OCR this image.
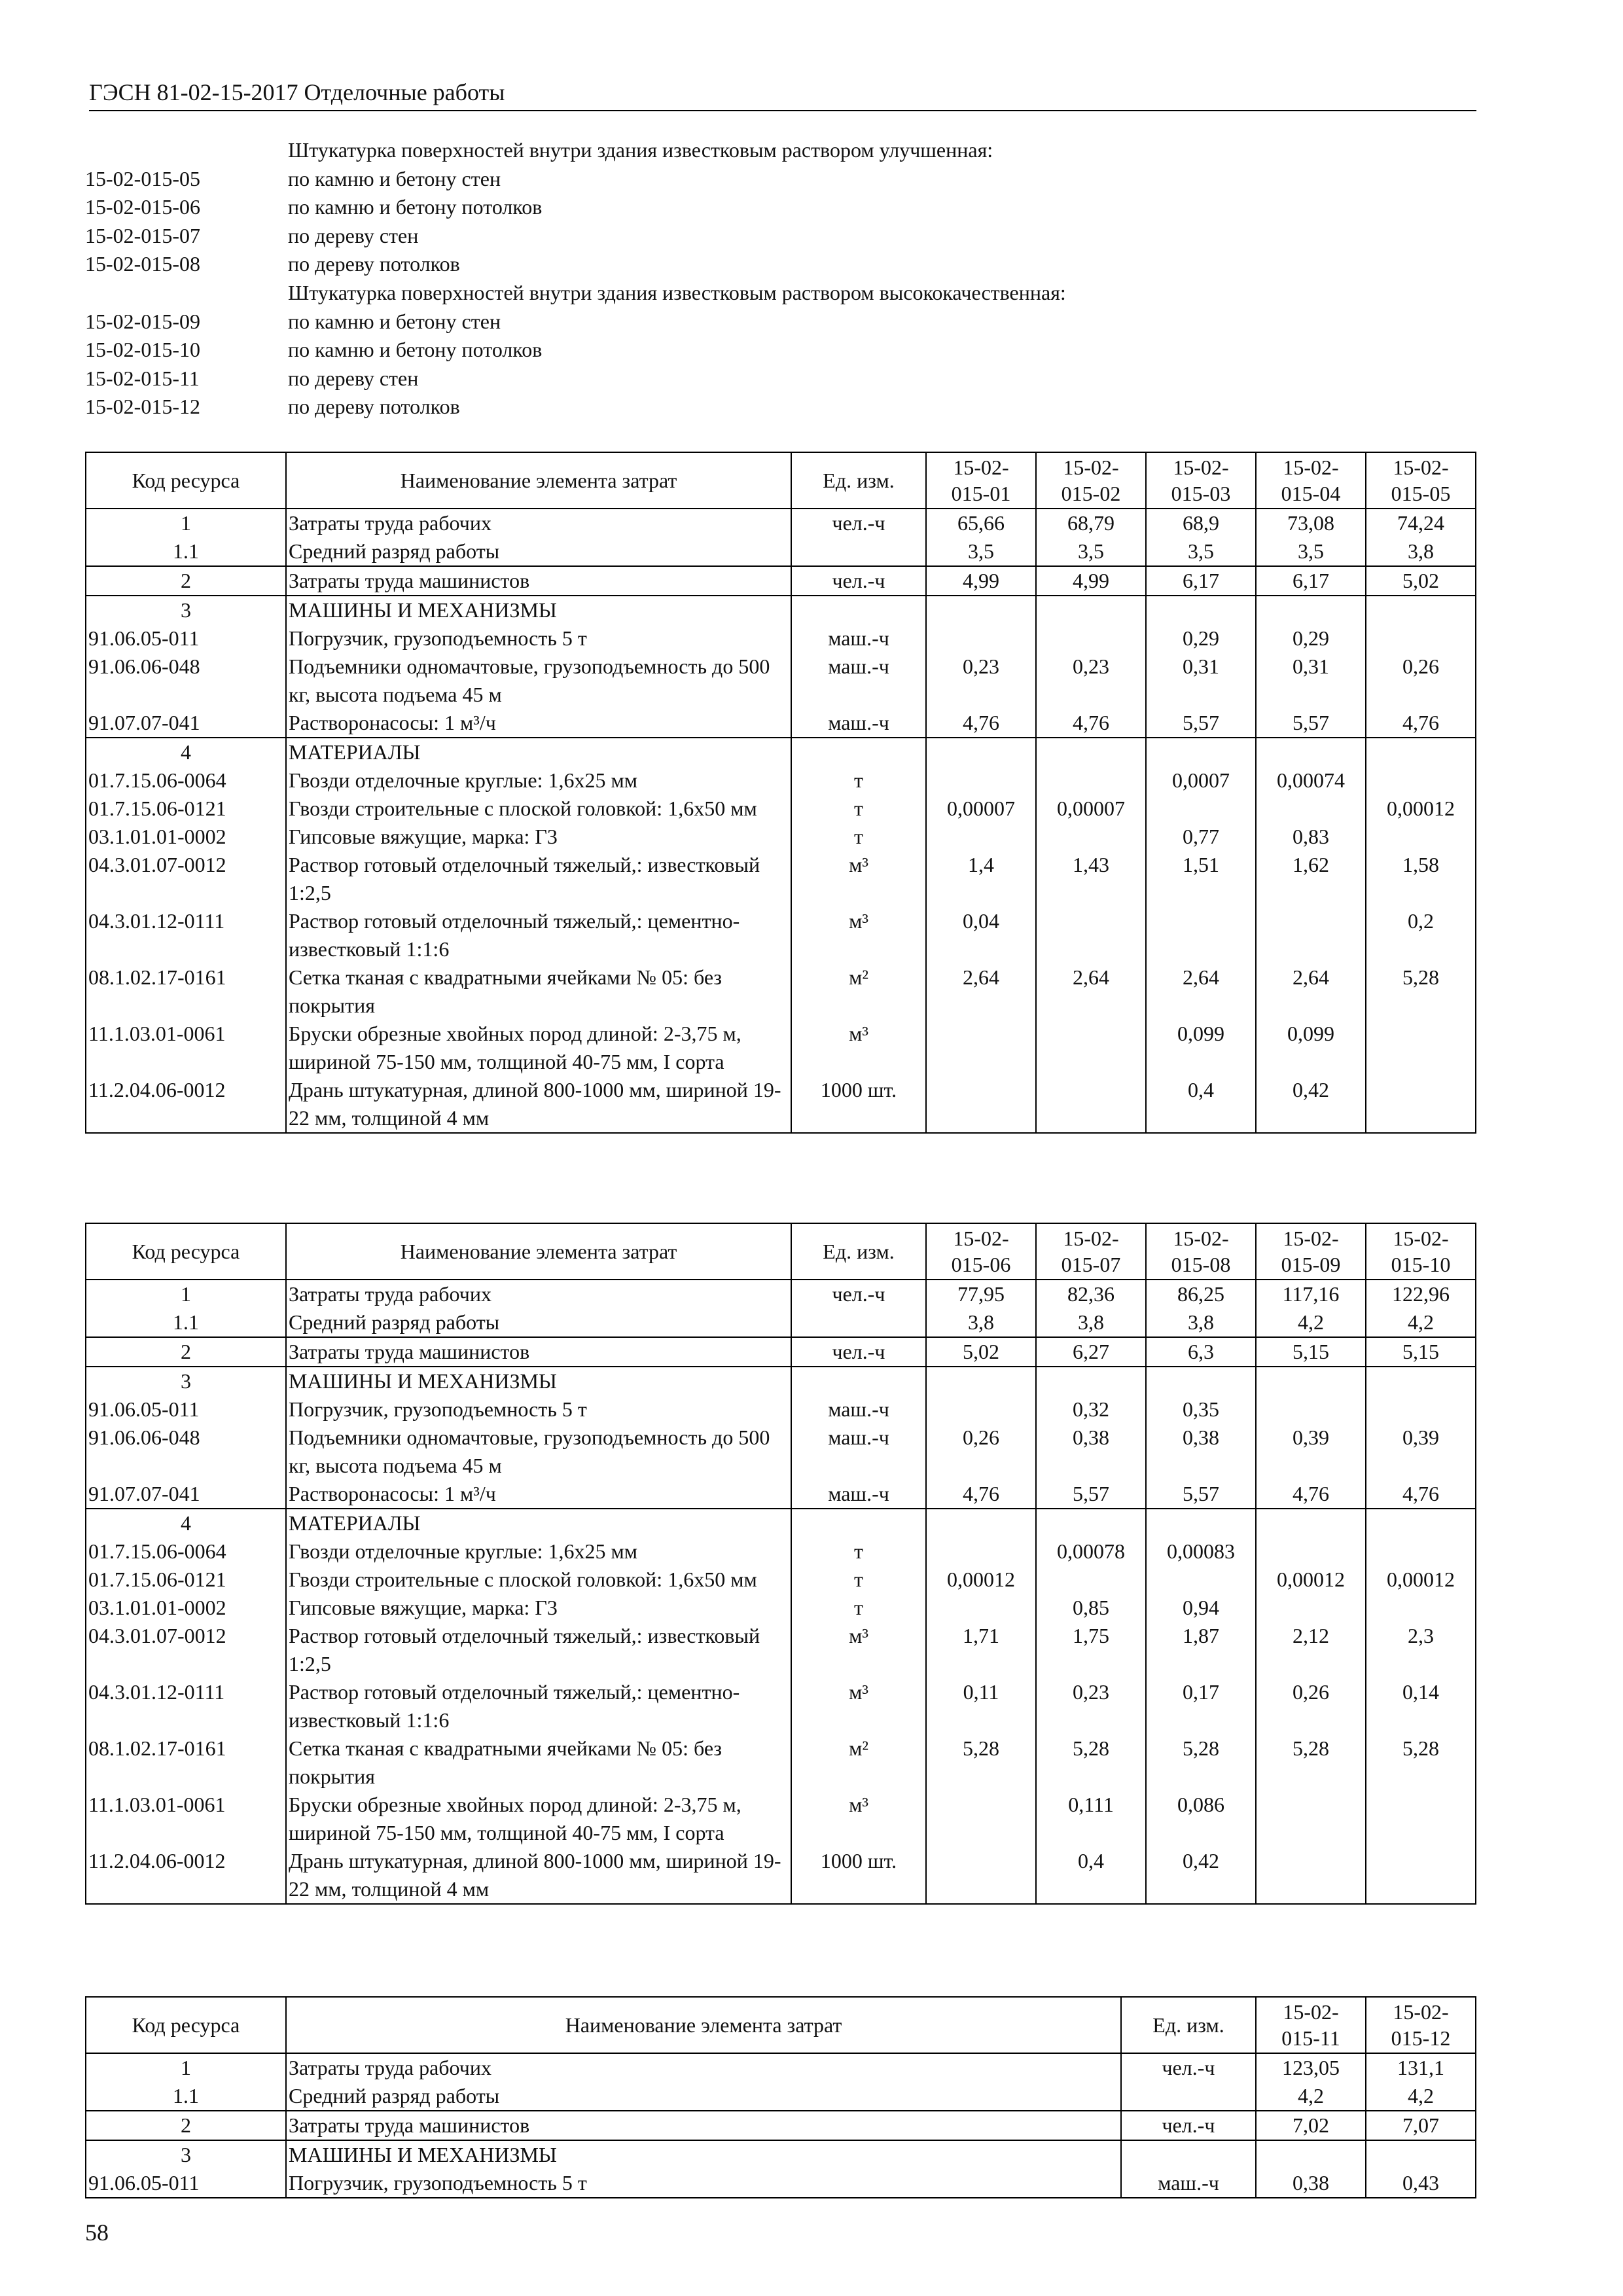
ГЭСН 81-02-15-2017 Отделочные работы
Штукатурка поверхностей внутри здания известковым раствором улучшенная:
15-02-015-05	по камню и бетону стен
15-02-015-06	по камню и бетону потолков
15-02-015-07	по дереву стен
15-02-015-08	по дереву потолков
Штукатурка поверхностей внутри здания известковым раствором высококачественная:
15-02-015-09	по камню и бетону стен
15-02-015-10	по камню и бетону потолков
15-02-015-11	по дереву стен
15-02-015-12	по дереву потолков
Код ресурса	Наименование элемента затрат	Ед. изм.	15-02-
015-01	15-02-
015-02	15-02-
015-03	15-02-
015-04	15-02-
015-05
1	Затраты труда рабочих	чел.-ч	65,66	68,79	68,9	73,08	74,24
1.1	Средний разряд работы		3,5	3,5	3,5	3,5	3,8
2	Затраты труда машинистов	чел.-ч	4,99	4,99	6,17	6,17	5,02
3	МАШИНЫ И МЕХАНИЗМЫ						
91.06.05-011	Погрузчик, грузоподъемность 5 т	маш.-ч			0,29	0,29	
91.06.06-048	Подъемники одномачтовые, грузоподъемность до 500 кг, высота подъема 45 м	маш.-ч	0,23	0,23	0,31	0,31	0,26
91.07.07-041	Растворонасосы: 1 м³/ч	маш.-ч	4,76	4,76	5,57	5,57	4,76
4	МАТЕРИАЛЫ						
01.7.15.06-0064	Гвозди отделочные круглые: 1,6х25 мм	т			0,0007	0,00074	
01.7.15.06-0121	Гвозди строительные с плоской головкой: 1,6х50 мм	т	0,00007	0,00007			0,00012
03.1.01.01-0002	Гипсовые вяжущие, марка: Г3	т			0,77	0,83	
04.3.01.07-0012	Раствор готовый отделочный тяжелый,: известковый 1:2,5	м³	1,4	1,43	1,51	1,62	1,58
04.3.01.12-0111	Раствор готовый отделочный тяжелый,: цементно-известковый 1:1:6	м³	0,04				0,2
08.1.02.17-0161	Сетка тканая с квадратными ячейками № 05: без покрытия	м²	2,64	2,64	2,64	2,64	5,28
11.1.03.01-0061	Бруски обрезные хвойных пород длиной: 2-3,75 м, шириной 75-150 мм, толщиной 40-75 мм, I сорта	м³			0,099	0,099	
11.2.04.06-0012	Дрань штукатурная, длиной 800-1000 мм, шириной 19-22 мм, толщиной 4 мм	1000 шт.			0,4	0,42	
Код ресурса	Наименование элемента затрат	Ед. изм.	15-02-
015-06	15-02-
015-07	15-02-
015-08	15-02-
015-09	15-02-
015-10
1	Затраты труда рабочих	чел.-ч	77,95	82,36	86,25	117,16	122,96
1.1	Средний разряд работы		3,8	3,8	3,8	4,2	4,2
2	Затраты труда машинистов	чел.-ч	5,02	6,27	6,3	5,15	5,15
3	МАШИНЫ И МЕХАНИЗМЫ						
91.06.05-011	Погрузчик, грузоподъемность 5 т	маш.-ч		0,32	0,35		
91.06.06-048	Подъемники одномачтовые, грузоподъемность до 500 кг, высота подъема 45 м	маш.-ч	0,26	0,38	0,38	0,39	0,39
91.07.07-041	Растворонасосы: 1 м³/ч	маш.-ч	4,76	5,57	5,57	4,76	4,76
4	МАТЕРИАЛЫ						
01.7.15.06-0064	Гвозди отделочные круглые: 1,6х25 мм	т		0,00078	0,00083		
01.7.15.06-0121	Гвозди строительные с плоской головкой: 1,6х50 мм	т	0,00012			0,00012	0,00012
03.1.01.01-0002	Гипсовые вяжущие, марка: Г3	т		0,85	0,94		
04.3.01.07-0012	Раствор готовый отделочный тяжелый,: известковый 1:2,5	м³	1,71	1,75	1,87	2,12	2,3
04.3.01.12-0111	Раствор готовый отделочный тяжелый,: цементно-известковый 1:1:6	м³	0,11	0,23	0,17	0,26	0,14
08.1.02.17-0161	Сетка тканая с квадратными ячейками № 05: без покрытия	м²	5,28	5,28	5,28	5,28	5,28
11.1.03.01-0061	Бруски обрезные хвойных пород длиной: 2-3,75 м, шириной 75-150 мм, толщиной 40-75 мм, I сорта	м³		0,111	0,086		
11.2.04.06-0012	Дрань штукатурная, длиной 800-1000 мм, шириной 19-22 мм, толщиной 4 мм	1000 шт.		0,4	0,42		
Код ресурса	Наименование элемента затрат	Ед. изм.	15-02-
015-11	15-02-
015-12
1	Затраты труда рабочих	чел.-ч	123,05	131,1
1.1	Средний разряд работы		4,2	4,2
2	Затраты труда машинистов	чел.-ч	7,02	7,07
3	МАШИНЫ И МЕХАНИЗМЫ			
91.06.05-011	Погрузчик, грузоподъемность 5 т	маш.-ч	0,38	0,43
58
